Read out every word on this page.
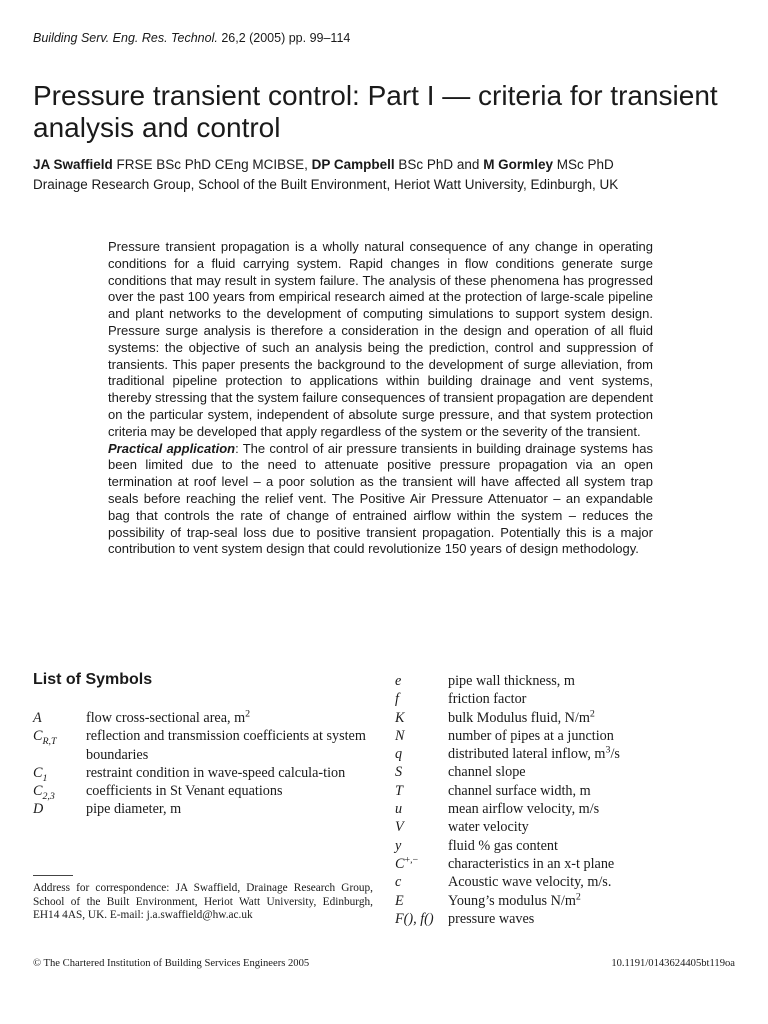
Building Serv. Eng. Res. Technol. 26,2 (2005) pp. 99–114
Pressure transient control: Part I — criteria for transient analysis and control
JA Swaffield FRSE BSc PhD CEng MCIBSE, DP Campbell BSc PhD and M Gormley MSc PhD
Drainage Research Group, School of the Built Environment, Heriot Watt University, Edinburgh, UK

Pressure transient propagation is a wholly natural consequence of any change in operating conditions for a fluid carrying system. Rapid changes in flow conditions generate surge conditions that may result in system failure. The analysis of these phenomena has progressed over the past 100 years from empirical research aimed at the protection of large-scale pipeline and plant networks to the development of computing simulations to support system design. Pressure surge analysis is therefore a consideration in the design and operation of all fluid systems: the objective of such an analysis being the prediction, control and suppression of transients. This paper presents the background to the development of surge alleviation, from traditional pipeline protection to applications within building drainage and vent systems, thereby stressing that the system failure consequences of transient propagation are dependent on the particular system, independent of absolute surge pressure, and that system protection criteria may be developed that apply regardless of the system or the severity of the transient.

Practical application: The control of air pressure transients in building drainage systems has been limited due to the need to attenuate positive pressure propagation via an open termination at roof level – a poor solution as the transient will have affected all system trap seals before reaching the relief vent. The Positive Air Pressure Attenuator – an expandable bag that controls the rate of change of entrained airflow within the system – reduces the possibility of trap-seal loss due to positive transient propagation. Potentially this is a major contribution to vent system design that could revolutionize 150 years of design methodology.

List of Symbols
A	flow cross-sectional area, $m^2$
$C_{R,T}$	reflection and transmission coefficients at system boundaries
$C_1$	restraint condition in wave-speed calcula-tion
$C_{2,3}$	coefficients in St Venant equations
D	pipe diameter, m
e	pipe wall thickness, m
f	friction factor
K	bulk Modulus fluid, $N/m^2$
N	number of pipes at a junction
q	distributed lateral inflow, $m^3/s$
S	channel slope
T	channel surface width, m
u	mean airflow velocity, m/s
V	water velocity
y	fluid % gas content
C+,−	characteristics in an x-t plane
c	Acoustic wave velocity, m/s.
E	Young’s modulus $N/m^2$
F(), f()	pressure waves
Address for correspondence: JA Swaffield, Drainage Research Group, School of the Built Environment, Heriot Watt University, Edinburgh, EH14 4AS, UK. E-mail: j.a.swaffield@hw.ac.uk
© The Chartered Institution of Building Services Engineers 2005	10.1191/0143624405bt119oa
